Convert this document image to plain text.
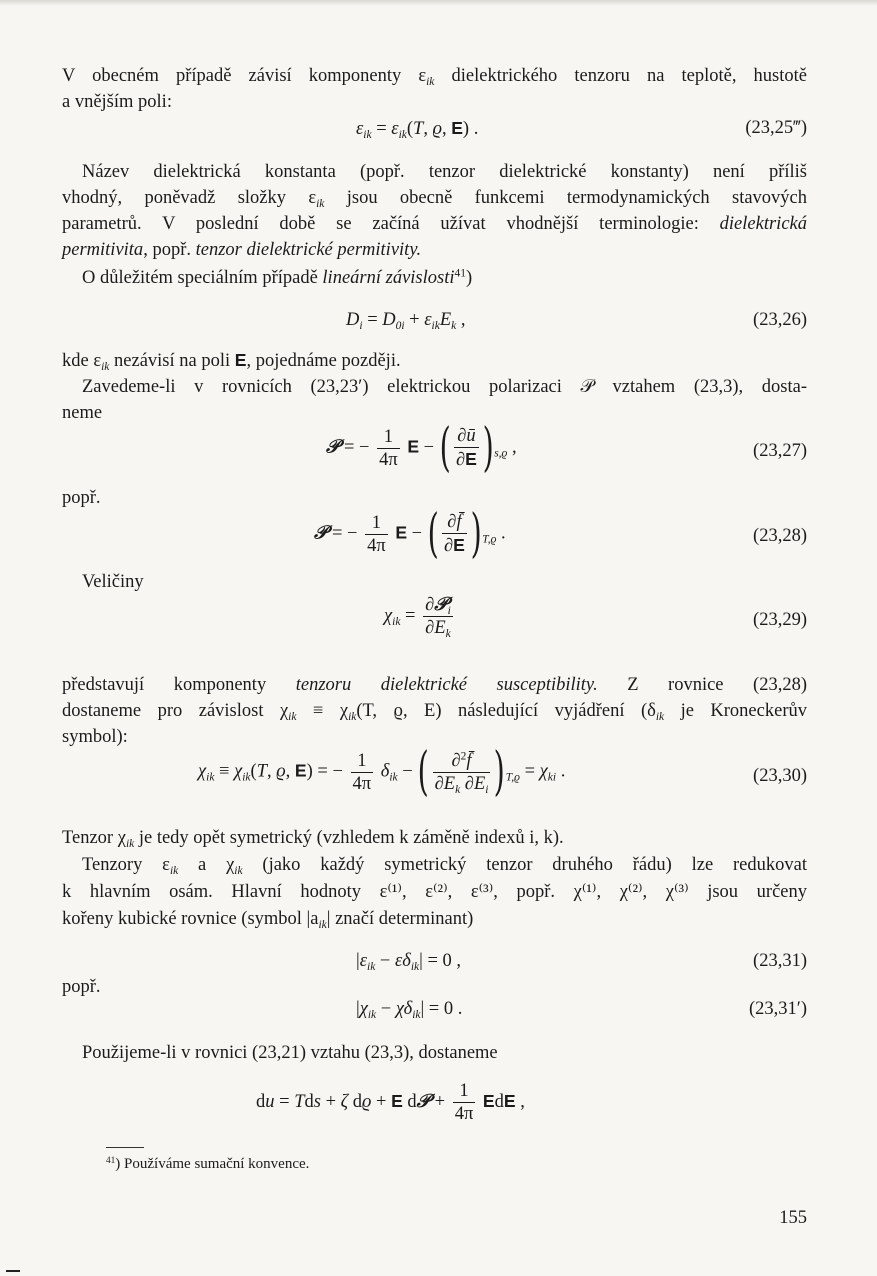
V obecném případě závisí komponenty $\varepsilon_{ik}$ dielektrického tenzoru na teplotě, hustotě
a vnějším poli:
$\varepsilon_{ik} = \varepsilon_{ik}(T$, ϱ, E) .	(23,25‴)
Název dielektrická konstanta (popř. tenzor dielektrické konstanty) není příliš
vhodný, poněvadž složky $\varepsilon_{ik}$ jsou obecně funkcemi termodynamických stavových
parametrů. V poslední době se začíná užívat vhodnější terminologie: dielektrická
permitivita, popř. tenzor dielektrické permitivity.
O důležitém speciálním případě lineární závislosti$^{41}$)
$D_i = D_{0i} + \varepsilon_{ik}E_k$ ,	(23,26)
kde $\varepsilon_{ik}$ nezávisí na poli E, pojednáme později.
Zavedeme-li v rovnicích (23,23′) elektrickou polarizaci 𝒫 vztahem (23,3), dosta-
neme
𝒫 = − $\frac{1}{4\pi}$ E − ( $\frac{\partial ū}{\partial E} )_{s,ϱ}$ ,	(23,27)
popř.
𝒫 = − $\frac{1}{4\pi}$ E − ( $\frac{\partial f̄}{\partial E} )_{T,ϱ}$ .	(23,28)
Veličiny
$\chi_{ik} = \frac{\partial 𝒫_i}{\partial E_k}$	(23,29)
představují komponenty tenzoru dielektrické susceptibility. Z rovnice (23,28)
dostaneme pro závislost $\chi_{ik} \equiv \chi_{ik}(T$, ϱ, E) následující vyjádření ($\delta_{ik}$ je Kroneckerův
symbol):
$\chi_{ik} \equiv \chi_{ik}(T$, ϱ, E) = − $\frac{1}{4\pi} \delta_{ik}$ − ( $\frac{\partial^2f̄}{\partial E_k \partial E_i} )_{T,ϱ} = \chi_{ki}$ .	(23,30)
Tenzor $\chi_{ik}$ je tedy opět symetrický (vzhledem k záměně indexů i, k).
Tenzory $\varepsilon_{ik}$ a $\chi_{ik}$ (jako každý symetrický tenzor druhého řádu) lze redukovat
k hlavním osám. Hlavní hodnoty ε⁽¹⁾, ε⁽²⁾, ε⁽³⁾, popř. χ⁽¹⁾, χ⁽²⁾, χ⁽³⁾ jsou určeny
kořeny kubické rovnice (symbol $|a_{ik}|$ značí determinant)
$|\varepsilon_{ik} - \varepsilon\delta_{ik}| = 0$ ,	(23,31)
popř.
$|\chi_{ik} - \chi\delta_{ik}| = 0$ .	(23,31′)
Použijeme-li v rovnici (23,21) vztahu (23,3), dostaneme
du = Tds + ζ dϱ + E d𝒫 + $\frac{1}{4\pi}$ EdE ,
$^{41}$) Používáme sumační konvence.
155
